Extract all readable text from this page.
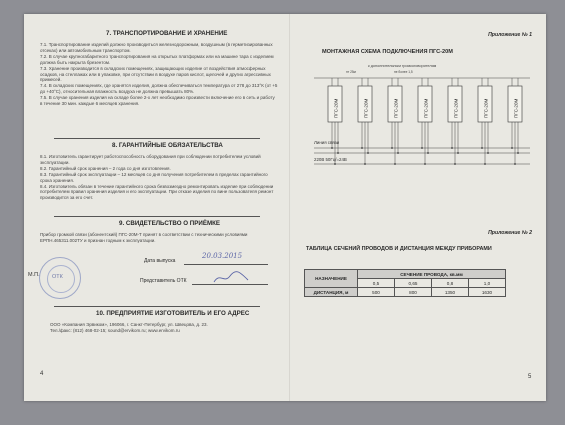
7. ТРАНСПОРТИРОВАНИЕ И ХРАНЕНИЕ
7.1. Транспортирование изделий должно производиться железнодорожным, воздушным (в герметизированных отсеках) или автомобильным транспортом.
7.2. В случае крупногабаритного транспортирования на открытых платформах или на машине тара с изделием должна быть накрыта брезентом.
7.3. Хранение производится в складских помещениях, защищающих изделие от воздействия атмосферных осадков, на стеллажах или в упаковке, при отсутствии в воздухе паров кислот, щелочей и других агрессивных примесей.
7.4. В складских помещениях, где хранятся изделия, должна обеспечиваться температура от 278 до 313°К (от +5 до +40°С), относительная влажность воздуха не должна превышать 80%.
7.5. В случае хранения изделия на складе более 2-х лет необходимо произвести включение его в сеть и работу в течение 30 мин. каждые 6 месяцев хранения.
8. ГАРАНТИЙНЫЕ ОБЯЗАТЕЛЬСТВА
8.1. Изготовитель гарантирует работоспособность оборудования при соблюдении потребителем условий эксплуатации.
8.2. Гарантийный срок хранения – 2 года со дня изготовления.
8.3. Гарантийный срок эксплуатации – 12 месяцев со дня получения потребителем в пределах гарантийного срока хранения.
8.4. Изготовитель обязан в течение гарантийного срока безвозмездно ремонтировать изделие при соблюдении потребителем правил хранения изделия и его эксплуатации. При отказе изделия по вине пользователя ремонт производится за его счет.
9. СВИДЕТЕЛЬСТВО О ПРИЁМКЕ
Прибор громкой связи (абонентский) ПГС-20М-Т принят в соответствии с техническими условиями ЕРПН.465311.002ТУ и признан годным к эксплуатации.
М.П. ОТК
Дата выпуска
20.03.2015
Представитель ОТК
10. ПРЕДПРИЯТИЕ ИЗГОТОВИТЕЛЬ И ЕГО АДРЕС
ООО «Компания Эрвиком», 196066, г. Санкт-Петербург, ул. Швецова, д. 23.
Тел./факс: (812) 468-02-15; sound@ervikom.ru; www.ervikom.ru
4
Приложение № 1
МОНТАЖНАЯ СХЕМА ПОДКЛЮЧЕНИЯ ПГС-20М
к дополнительным громкоговорителям
не более 1,5
пт 25м
ПГС-20М	ПГС-20М	ПГС-20М	ПГС-20М	ПГС-20М	ПГС-20М	ПГС-20М
Линия связи
220В 50Гц/=24В
Приложение № 2
ТАБЛИЦА СЕЧЕНИЙ ПРОВОДОВ И ДИСТАНЦИЯ МЕЖДУ ПРИБОРАМИ
НАЗНАЧЕНИЕ	СЕЧЕНИЕ ПРОВОДА, кв.мм			
	0,5	0,65	0,8	1,0
ДИСТАНЦИЯ, м	500	800	1350	1630
5
